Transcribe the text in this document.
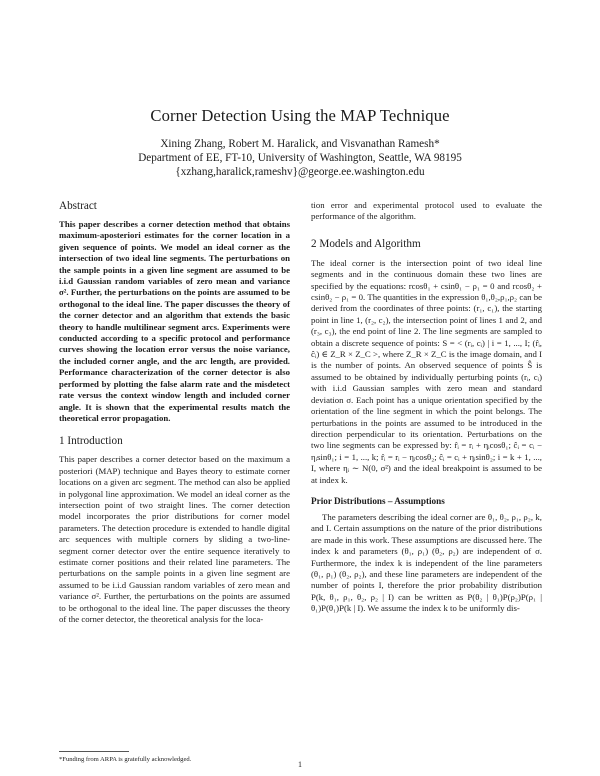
Corner Detection Using the MAP Technique
Xining Zhang, Robert M. Haralick, and Visvanathan Ramesh*
Department of EE, FT-10, University of Washington, Seattle, WA 98195
{xzhang,haralick,rameshv}@george.ee.washington.edu
Abstract

This paper describes a corner detection method that obtains maximum-aposteriori estimates for the corner location in a given sequence of points. We model an ideal corner as the intersection of two ideal line segments. The perturbations on the sample points in a given line segment are assumed to be i.i.d Gaussian random variables of zero mean and variance σ². Further, the perturbations on the points are assumed to be orthogonal to the ideal line. The paper discusses the theory of the corner detector and an algorithm that extends the basic theory to handle multilinear segment arcs. Experiments were conducted according to a specific protocol and performance curves showing the location error versus the noise variance, the included corner angle, and the arc length, are provided. Performance characterization of the corner detector is also performed by plotting the false alarm rate and the misdetect rate versus the context window length and included corner angle. It is shown that the experimental results match the theoretical error propagation.

1 Introduction

This paper describes a corner detector based on the maximum a posteriori (MAP) technique and Bayes theory to estimate corner locations on a given arc segment. The method can also be applied in polygonal line approximation. We model an ideal corner as the intersection point of two straight lines. The corner detection model incorporates the prior distributions for corner model parameters. The detection procedure is extended to handle digital arc sequences with multiple corners by sliding a two-line-segment corner detector over the entire sequence iteratively to estimate corner positions and their related line parameters. The perturbations on the sample points in a given line segment are assumed to be i.i.d Gaussian random variables of zero mean and variance σ². Further, the perturbations on the points are assumed to be orthogonal to the ideal line. The paper discusses the theory of the corner detector, the theoretical analysis for the loca-

tion error and experimental protocol used to evaluate the performance of the algorithm.

2 Models and Algorithm

The ideal corner is the intersection point of two ideal line segments and in the continuous domain these two lines are specified by the equations: rcosθ₁ + csinθ₁ − ρ₁ = 0 and rcosθ₂ + csinθ₂ − ρ₁ = 0. The quantities in the expression θ₁,θ₂,ρ₁,ρ₂ can be derived from the coordinates of three points: (r₁, c₁), the starting point in line 1, (r₂, c₂), the intersection point of lines 1 and 2, and (r₃, c₃), the end point of line 2. The line segments are sampled to obtain a discrete sequence of points: S = < (rᵢ, cᵢ) | i = 1, ..., I; (r̂ᵢ, ĉᵢ) ∈ Z_R × Z_C >, where Z_R × Z_C is the image domain, and I is the number of points. An observed sequence of points Ŝ is assumed to be obtained by individually perturbing points (rᵢ, cᵢ) with i.i.d Gaussian samples with zero mean and standard deviation σ. Each point has a unique orientation specified by the orientation of the line segment in which the point belongs. The perturbations in the points are assumed to be introduced in the direction perpendicular to its orientation. Perturbations on the two line segments can be expressed by: r̂ᵢ = rᵢ + ηᵢcosθ₁; ĉᵢ = cᵢ − ηᵢsinθ₁; i = 1, ..., k; r̂ᵢ = rᵢ − ηᵢcosθ₂; ĉᵢ = cᵢ + ηᵢsinθ₂; i = k + 1, ..., I, where ηᵢ ∼ N(0, σ²) and the ideal breakpoint is assumed to be at index k.

Prior Distributions – Assumptions

The parameters describing the ideal corner are θ₁, θ₂, ρ₁, ρ₂, k, and I. Certain assumptions on the nature of the prior distributions are made in this work. These assumptions are discussed here. The index k and parameters (θ₁, ρ₁) (θ₂, ρ₂) are independent of σ. Furthermore, the index k is independent of the line parameters (θ₁, ρ₁) (θ₂, ρ₂), and these line parameters are independent of the number of points I, therefore the prior probability distribution P(k, θ₁, ρ₁, θ₂, ρ₂ | I) can be written as P(θ₂ | θ₁)P(ρ₂)P(ρ₁ | θ₁)P(θ₁)P(k | I). We assume the index k to be uniformly dis-

*Funding from ARPA is gratefully acknowledged.
1
